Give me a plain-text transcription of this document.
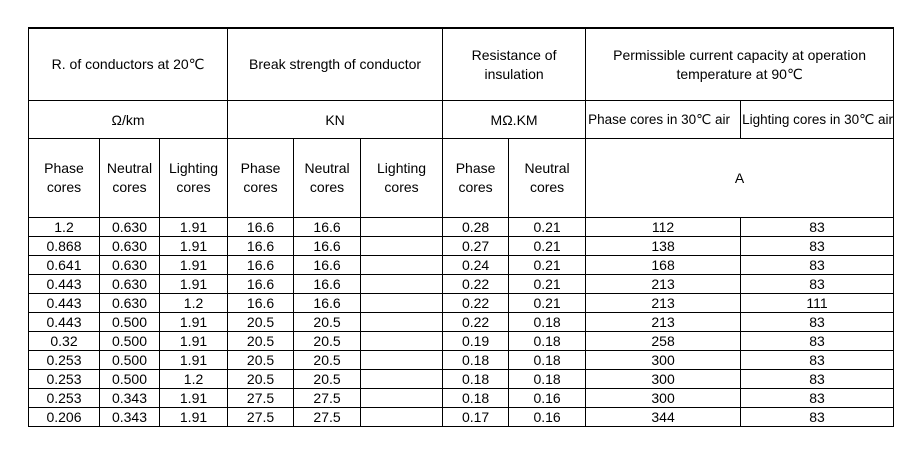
R. of conductors at 20℃			Break strength of conductor			Resistance of insulation		Permissible current capacity at operation temperature at 90℃	
Ω/km			KN			MΩ.KM		Phase cores in 30℃ air	Lighting cores in 30℃ air
Phase cores	Neutral cores	Lighting cores	Phase cores	Neutral cores	Lighting cores	Phase cores	Neutral cores	A	
1.2	0.630	1.91	16.6	16.6		0.28	0.21	112	83
0.868	0.630	1.91	16.6	16.6		0.27	0.21	138	83
0.641	0.630	1.91	16.6	16.6		0.24	0.21	168	83
0.443	0.630	1.91	16.6	16.6		0.22	0.21	213	83
0.443	0.630	1.2	16.6	16.6		0.22	0.21	213	111
0.443	0.500	1.91	20.5	20.5		0.22	0.18	213	83
0.32	0.500	1.91	20.5	20.5		0.19	0.18	258	83
0.253	0.500	1.91	20.5	20.5		0.18	0.18	300	83
0.253	0.500	1.2	20.5	20.5		0.18	0.18	300	83
0.253	0.343	1.91	27.5	27.5		0.18	0.16	300	83
0.206	0.343	1.91	27.5	27.5		0.17	0.16	344	83
